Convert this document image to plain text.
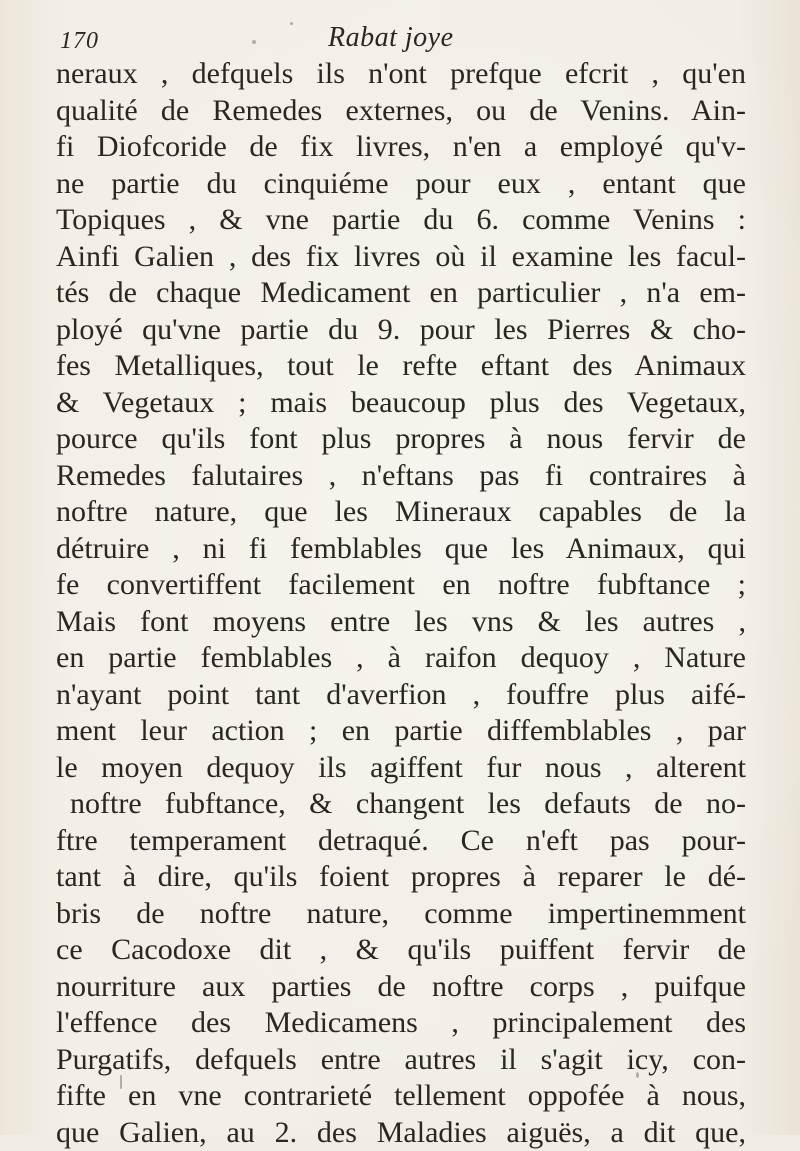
170	Rabat joye
neraux , defquels ils n'ont prefque efcrit , qu'en
qualité de Remedes externes, ou de Venins. Ain-
fi Diofcoride de fix livres, n'en a employé qu'v-
ne partie du cinquiéme pour eux , entant que
Topiques , & vne partie du 6. comme Venins :
Ainfi Galien , des fix livres où il examine les facul-
tés de chaque Medicament en particulier , n'a em-
ployé qu'vne partie du 9. pour les Pierres & cho-
fes Metalliques, tout le refte eftant des Animaux
& Vegetaux ; mais beaucoup plus des Vegetaux,
pource qu'ils font plus propres à nous fervir de
Remedes falutaires , n'eftans pas fi contraires à
noftre nature, que les Mineraux capables de la
détruire , ni fi femblables que les Animaux, qui
fe convertiffent facilement en noftre fubftance ;
Mais font moyens entre les vns & les autres ,
en partie femblables , à raifon dequoy , Nature
n'ayant point tant d'averfion , fouffre plus aifé-
ment leur action ; en partie diffemblables , par
le moyen dequoy ils agiffent fur nous , alterent
noftre fubftance, & changent les defauts de no-
ftre temperament detraqué. Ce n'eft pas pour-
tant à dire, qu'ils foient propres à reparer le dé-
bris de noftre nature, comme impertinemment
ce Cacodoxe dit , & qu'ils puiffent fervir de
nourriture aux parties de noftre corps , puifque
l'effence des Medicamens , principalement des
Purgatifs, defquels entre autres il s'agit icy, con-
fifte en vne contrarieté tellement oppofée à nous,
que Galien, au 2. des Maladies aiguës, a dit que,
